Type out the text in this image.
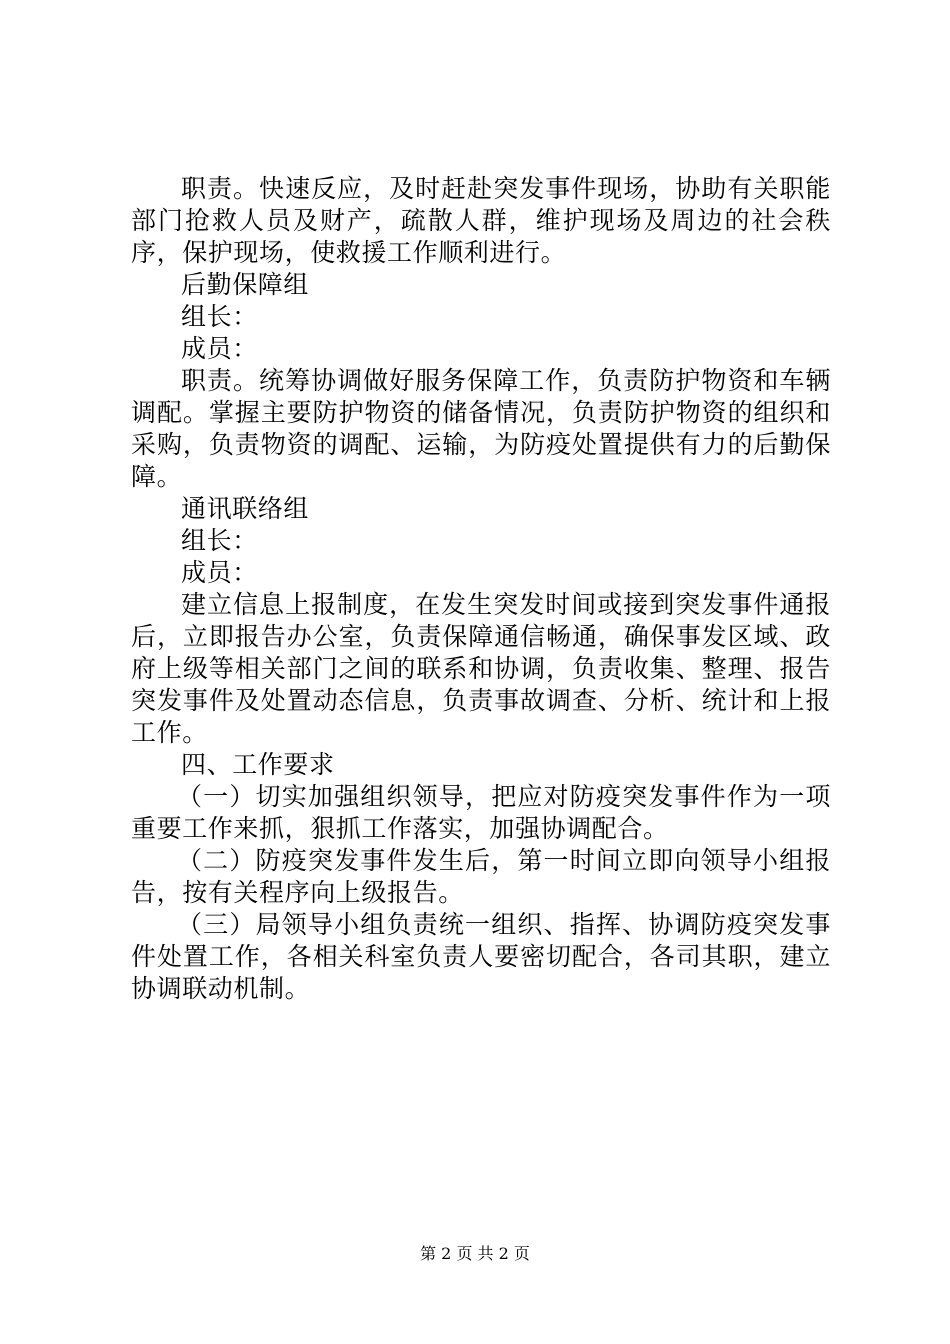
职责。快速反应，及时赶赴突发事件现场，协助有关职能部门抢救人员及财产，疏散人群，维护现场及周边的社会秩序，保护现场，使救援工作顺利进行。

后勤保障组

组长：

成员：

职责。统筹协调做好服务保障工作，负责防护物资和车辆调配。掌握主要防护物资的储备情况，负责防护物资的组织和采购，负责物资的调配、运输，为防疫处置提供有力的后勤保障。

通讯联络组

组长：

成员：

建立信息上报制度，在发生突发时间或接到突发事件通报后，立即报告办公室，负责保障通信畅通，确保事发区域、政府上级等相关部门之间的联系和协调，负责收集、整理、报告突发事件及处置动态信息，负责事故调查、分析、统计和上报工作。

四、工作要求

（一）切实加强组织领导，把应对防疫突发事件作为一项重要工作来抓，狠抓工作落实，加强协调配合。

（二）防疫突发事件发生后，第一时间立即向领导小组报告，按有关程序向上级报告。

（三）局领导小组负责统一组织、指挥、协调防疫突发事件处置工作，各相关科室负责人要密切配合，各司其职，建立协调联动机制。

第 2 页 共 2 页
